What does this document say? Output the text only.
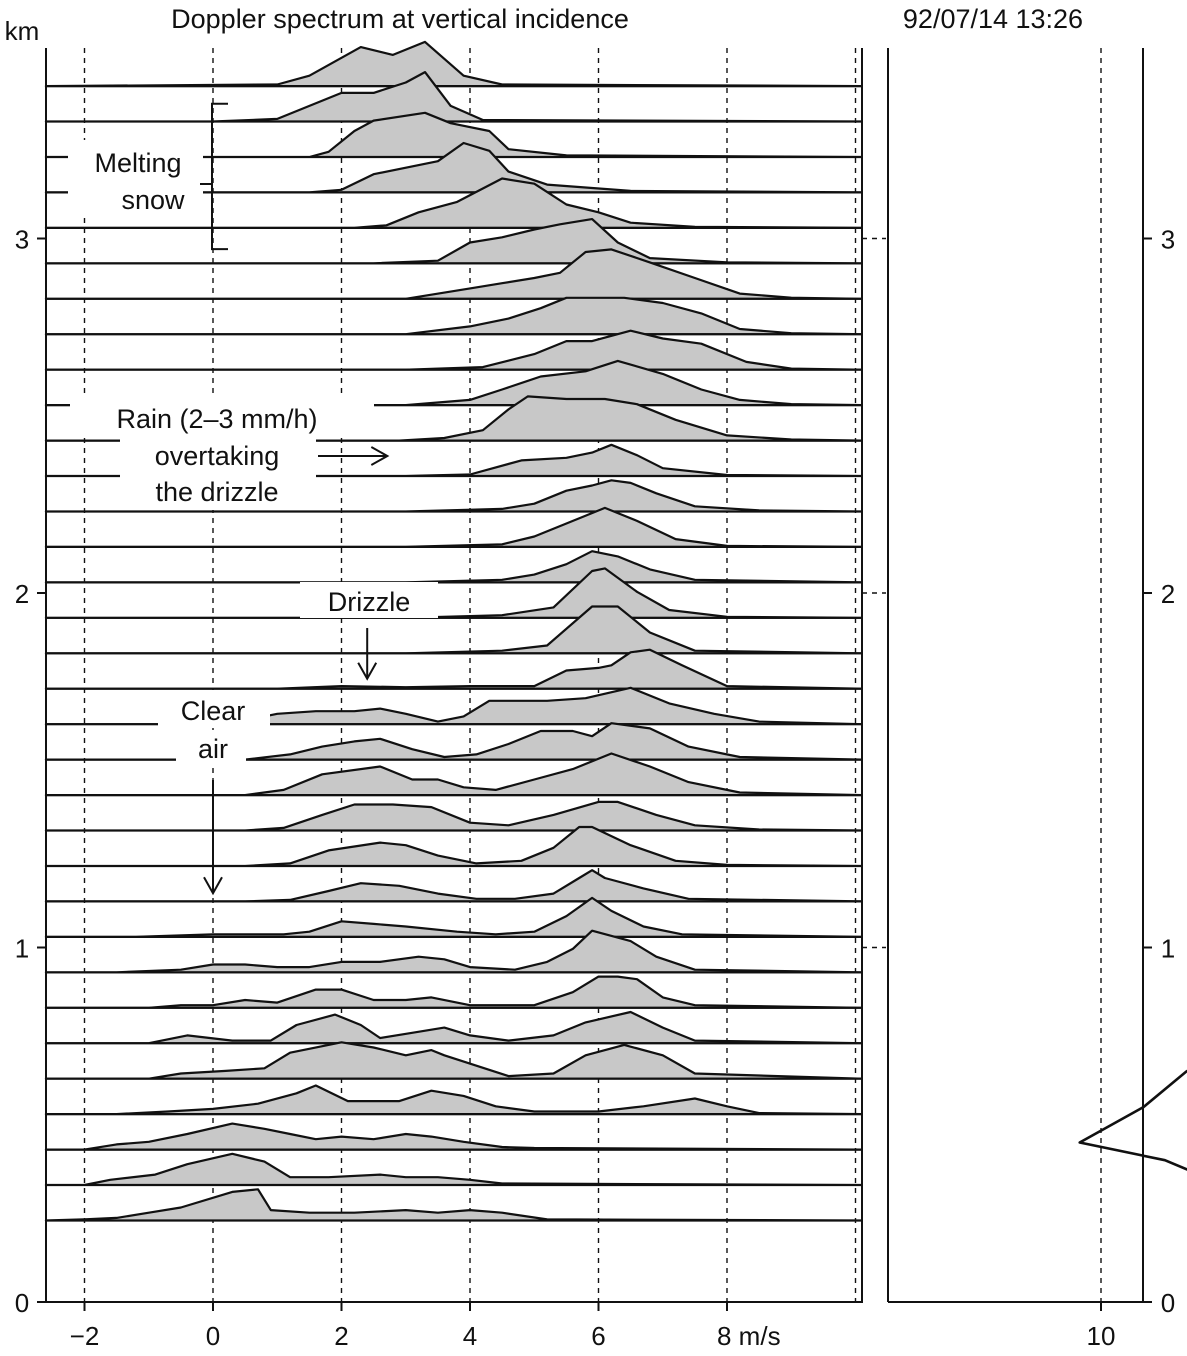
0	0
1	1
2	2
3	3
km
−2	0	2	4	6	8 m/s	10
Melting
snow
Rain (2–3 mm/h)
overtaking
the drizzle
Drizzle
Clear
air
Doppler spectrum at vertical incidence	92/07/14 13:26
